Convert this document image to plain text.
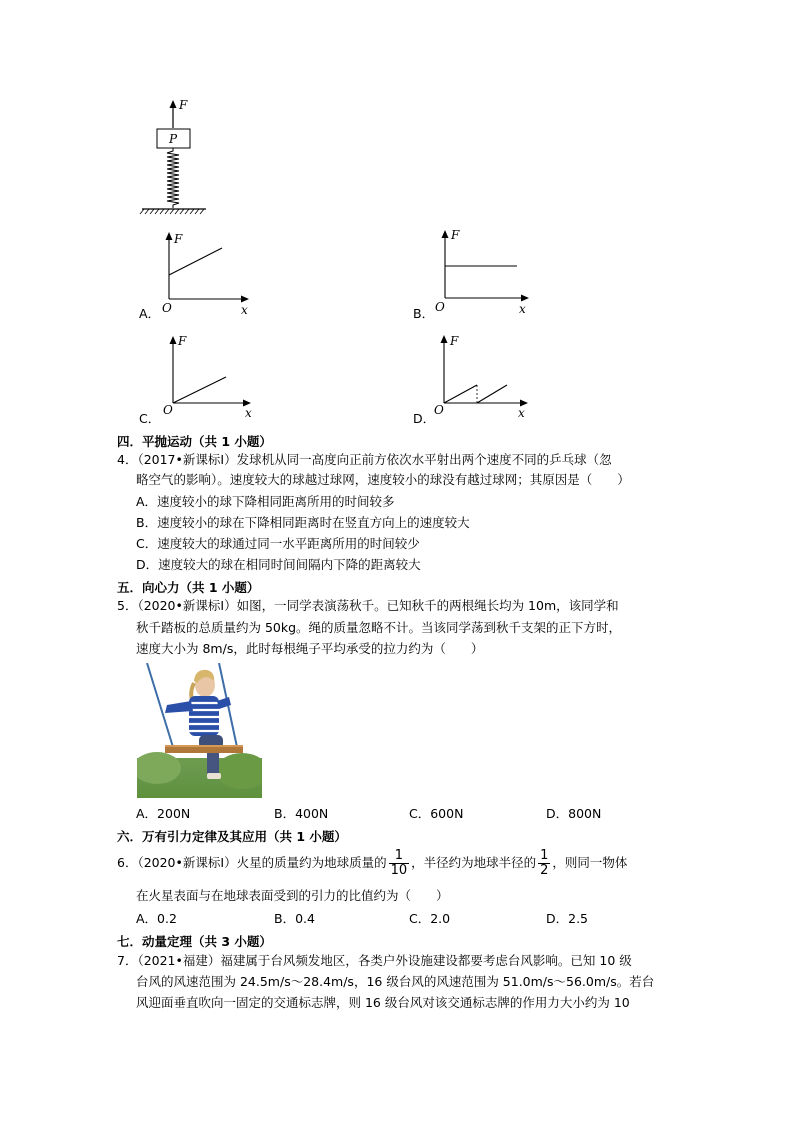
F
P
A．
F
x
O	B．
F
x
O
C．
F
x
O
D．
F
x
O
四．平抛运动（共 1 小题）
4．（2017•新课标Ⅰ）发球机从同一高度向正前方依次水平射出两个速度不同的乒乓球（忽
略空气的影响）。速度较大的球越过球网，速度较小的球没有越过球网；其原因是（　　）
A．速度较小的球下降相同距离所用的时间较多
B．速度较小的球在下降相同距离时在竖直方向上的速度较大
C．速度较大的球通过同一水平距离所用的时间较少
D．速度较大的球在相同时间间隔内下降的距离较大
五．向心力（共 1 小题）
5．（2020•新课标Ⅰ）如图，一同学表演荡秋千。已知秋千的两根绳长均为 10m，该同学和
秋千踏板的总质量约为 50kg。绳的质量忽略不计。当该同学荡到秋千支架的正下方时，
速度大小为 8m/s，此时每根绳子平均承受的拉力约为（　　）
A．200N	B．400N	C．600N	D．800N
六．万有引力定律及其应用（共 1 小题）
6．（2020•新课标Ⅰ）火星的质量约为地球质量的 $\frac{1}{10}$ ，半径约为地球半径的 $\frac{1}{2}$ ，则同一物体
在火星表面与在地球表面受到的引力的比值约为（　　）
A．0.2	B．0.4	C．2.0	D．2.5
七．动量定理（共 3 小题）
7．（2021•福建）福建属于台风频发地区，各类户外设施建设都要考虑台风影响。已知 10 级
台风的风速范围为 24.5m/s～28.4m/s，16 级台风的风速范围为 51.0m/s～56.0m/s。若台
风迎面垂直吹向一固定的交通标志牌，则 16 级台风对该交通标志牌的作用力大小约为 10
